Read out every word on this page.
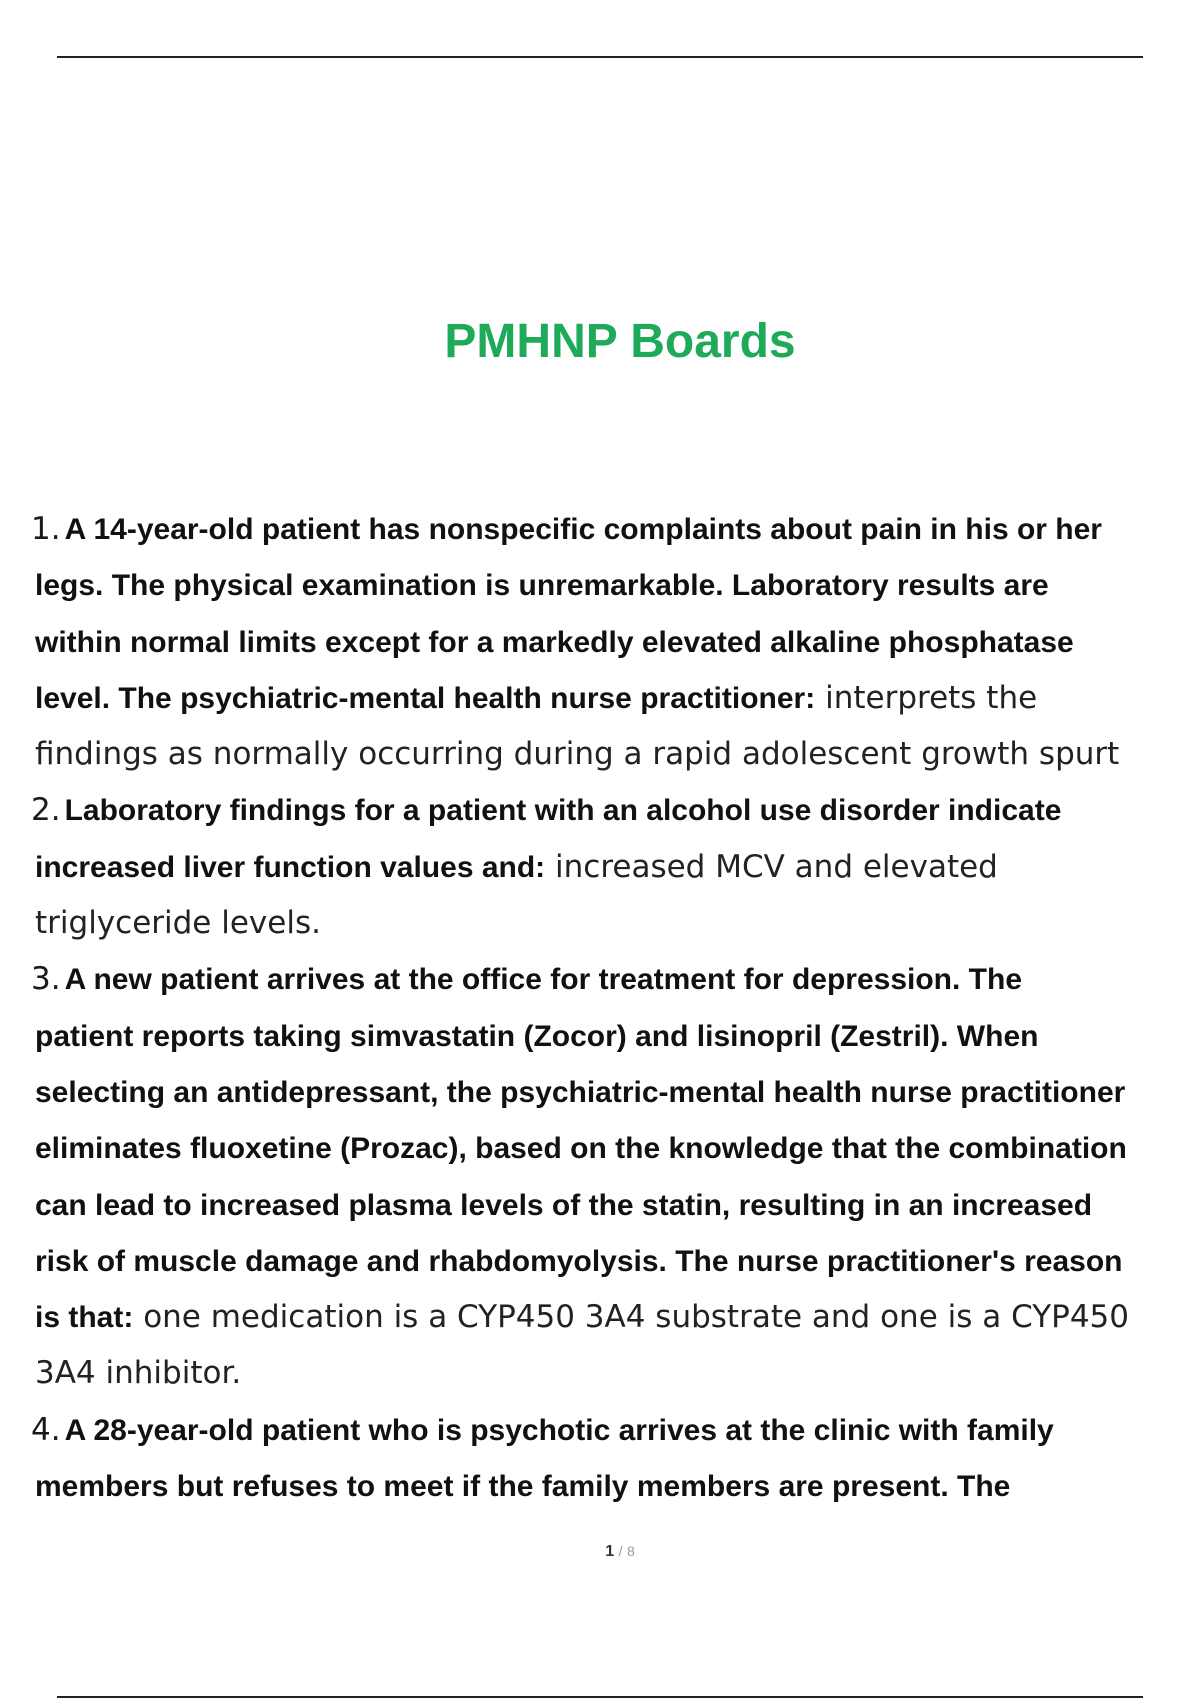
PMHNP Boards
1. A 14-year-old patient has nonspecific complaints about pain in his or her
legs. The physical examination is unremarkable. Laboratory results are
within normal limits except for a markedly elevated alkaline phosphatase
level. The psychiatric-mental health nurse practitioner: interprets the
findings as normally occurring during a rapid adolescent growth spurt
2. Laboratory findings for a patient with an alcohol use disorder indicate
increased liver function values and: increased MCV and elevated
triglyceride levels.
3. A new patient arrives at the office for treatment for depression. The
patient reports taking simvastatin (Zocor) and lisinopril (Zestril). When
selecting an antidepressant, the psychiatric-mental health nurse practitioner
eliminates fluoxetine (Prozac), based on the knowledge that the combination
can lead to increased plasma levels of the statin, resulting in an increased
risk of muscle damage and rhabdomyolysis. The nurse practitioner's reason
is that: one medication is a CYP450 3A4 substrate and one is a CYP450
3A4 inhibitor.
4. A 28-year-old patient who is psychotic arrives at the clinic with family
members but refuses to meet if the family members are present. The
1 / 8
